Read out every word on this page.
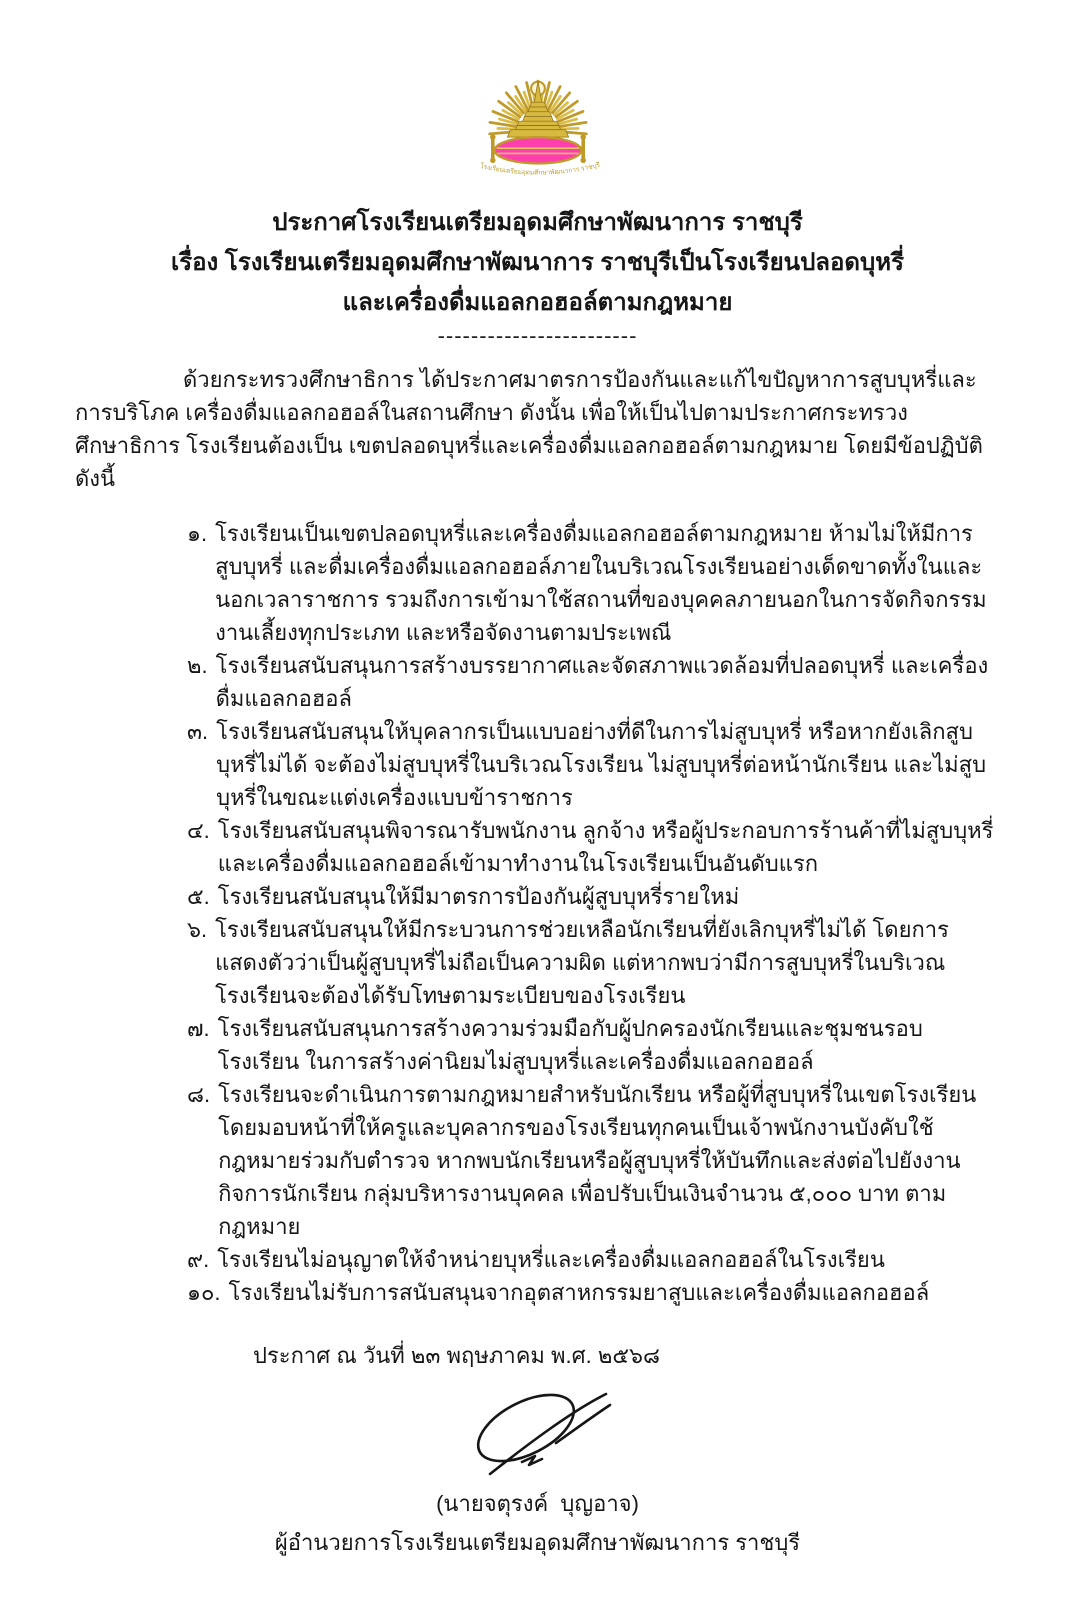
โรงเรียนเตรียมอุดมศึกษาพัฒนาการ ราชบุรี
ประกาศโรงเรียนเตรียมอุดมศึกษาพัฒนาการ ราชบุรี
เรื่อง โรงเรียนเตรียมอุดมศึกษาพัฒนาการ ราชบุรีเป็นโรงเรียนปลอดบุหรี่
และเครื่องดื่มแอลกอฮอล์ตามกฎหมาย
------------------------

ด้วยกระทรวงศึกษาธิการ ได้ประกาศมาตรการป้องกันและแก้ไขปัญหาการสูบบุหรี่และการบริโภค เครื่องดื่มแอลกอฮอล์ในสถานศึกษา ดังนั้น เพื่อให้เป็นไปตามประกาศกระทรวงศึกษาธิการ โรงเรียนต้องเป็น เขตปลอดบุหรี่และเครื่องดื่มแอลกอฮอล์ตามกฎหมาย โดยมีข้อปฏิบัติ ดังนี้

๑. โรงเรียนเป็นเขตปลอดบุหรี่และเครื่องดื่มแอลกอฮอล์ตามกฎหมาย ห้ามไม่ให้มีการสูบบุหรี่ และดื่มเครื่องดื่มแอลกอฮอล์ภายในบริเวณโรงเรียนอย่างเด็ดขาดทั้งในและนอกเวลาราชการ รวมถึงการเข้ามาใช้สถานที่ของบุคคลภายนอกในการจัดกิจกรรมงานเลี้ยงทุกประเภท และหรือจัดงานตามประเพณี
๒. โรงเรียนสนับสนุนการสร้างบรรยากาศและจัดสภาพแวดล้อมที่ปลอดบุหรี่ และเครื่องดื่มแอลกอฮอล์
๓. โรงเรียนสนับสนุนให้บุคลากรเป็นแบบอย่างที่ดีในการไม่สูบบุหรี่ หรือหากยังเลิกสูบบุหรี่ไม่ได้ จะต้องไม่สูบบุหรี่ในบริเวณโรงเรียน ไม่สูบบุหรี่ต่อหน้านักเรียน และไม่สูบบุหรี่ในขณะแต่งเครื่องแบบข้าราชการ
๔. โรงเรียนสนับสนุนพิจารณารับพนักงาน ลูกจ้าง หรือผู้ประกอบการร้านค้าที่ไม่สูบบุหรี่ และเครื่องดื่มแอลกอฮอล์เข้ามาทำงานในโรงเรียนเป็นอันดับแรก
๕. โรงเรียนสนับสนุนให้มีมาตรการป้องกันผู้สูบบุหรี่รายใหม่
๖. โรงเรียนสนับสนุนให้มีกระบวนการช่วยเหลือนักเรียนที่ยังเลิกบุหรี่ไม่ได้ โดยการแสดงตัวว่าเป็นผู้สูบบุหรี่ไม่ถือเป็นความผิด แต่หากพบว่ามีการสูบบุหรี่ในบริเวณโรงเรียนจะต้องได้รับโทษตามระเบียบของโรงเรียน
๗. โรงเรียนสนับสนุนการสร้างความร่วมมือกับผู้ปกครองนักเรียนและชุมชนรอบโรงเรียน ในการสร้างค่านิยมไม่สูบบุหรี่และเครื่องดื่มแอลกอฮอล์
๘. โรงเรียนจะดำเนินการตามกฎหมายสำหรับนักเรียน หรือผู้ที่สูบบุหรี่ในเขตโรงเรียน โดยมอบหน้าที่ให้ครูและบุคลากรของโรงเรียนทุกคนเป็นเจ้าพนักงานบังคับใช้กฎหมายร่วมกับตำรวจ หากพบนักเรียนหรือผู้สูบบุหรี่ให้บันทึกและส่งต่อไปยังงานกิจการนักเรียน กลุ่มบริหารงานบุคคล เพื่อปรับเป็นเงินจำนวน ๕,๐๐๐ บาท ตามกฎหมาย
๙. โรงเรียนไม่อนุญาตให้จำหน่ายบุหรี่และเครื่องดื่มแอลกอฮอล์ในโรงเรียน
๑๐. โรงเรียนไม่รับการสนับสนุนจากอุตสาหกรรมยาสูบและเครื่องดื่มแอลกอฮอล์
ประกาศ ณ วันที่ ๒๓ พฤษภาคม พ.ศ. ๒๕๖๘
(นายจตุรงค์  บุญอาจ)
ผู้อำนวยการโรงเรียนเตรียมอุดมศึกษาพัฒนาการ ราชบุรี
